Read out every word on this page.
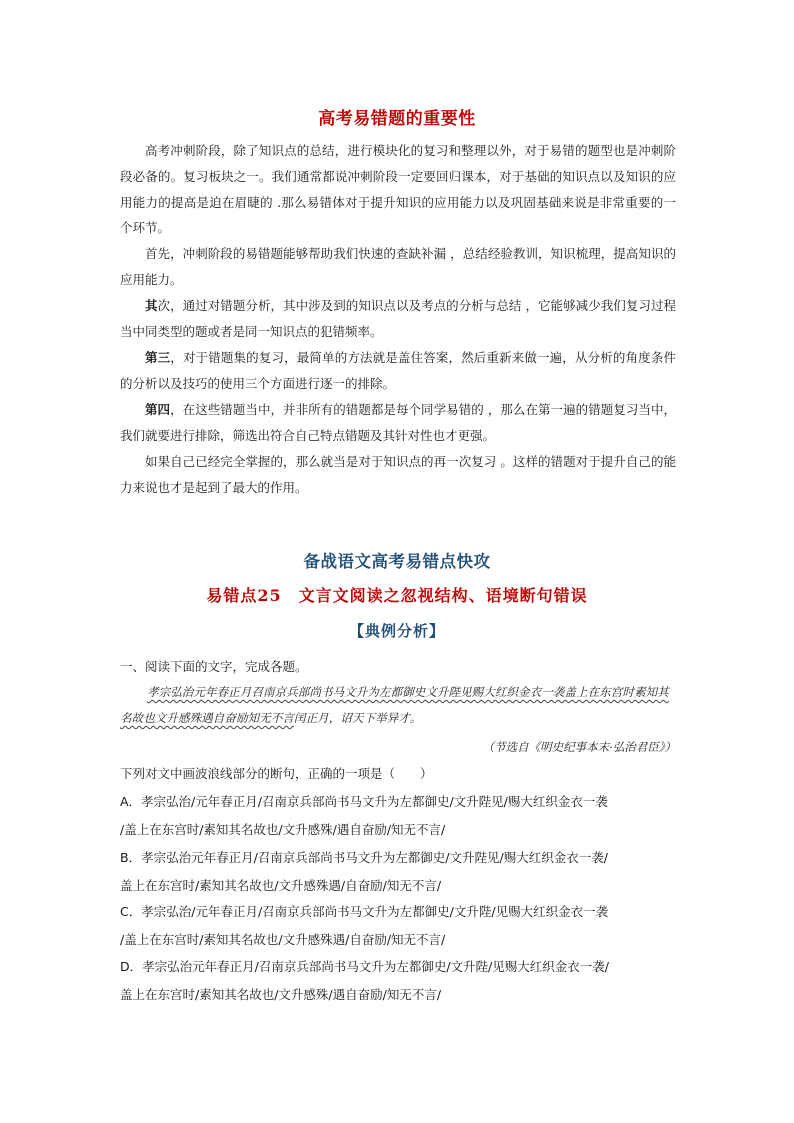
高考易错题的重要性

高考冲刺阶段，除了知识点的总结，进行模块化的复习和整理以外，对于易错的题型也是冲刺阶段必备的。复习板块之一。我们通常都说冲刺阶段一定要回归课本，对于基础的知识点以及知识的应用能力的提高是迫在眉睫的 .那么易错体对于提升知识的应用能力以及巩固基础来说是非常重要的一个环节。

首先，冲刺阶段的易错题能够帮助我们快速的查缺补漏 ，总结经验教训，知识梳理，提高知识的应用能力。

其次，通过对错题分析，其中涉及到的知识点以及考点的分析与总结 ，它能够减少我们复习过程当中同类型的题或者是同一知识点的犯错频率。

第三，对于错题集的复习，最简单的方法就是盖住答案，然后重新来做一遍，从分析的角度条件的分析以及技巧的使用三个方面进行逐一的排除。

第四，在这些错题当中，并非所有的错题都是每个同学易错的 ，那么在第一遍的错题复习当中，我们就要进行排除，筛选出符合自己特点错题及其针对性也才更强。

如果自己已经完全掌握的，那么就当是对于知识点的再一次复习 。这样的错题对于提升自己的能力来说也才是起到了最大的作用。

备战语文高考易错点快攻
易错点25　文言文阅读之忽视结构、语境断句错误
【典例分析】
一、阅读下面的文字，完成各题。
孝宗弘治元年春正月召南京兵部尚书马文升为左都御史文升陛见赐大红织金衣一袭盖上在东宫时素知其名故也文升感殊遇自奋励知无不言闰正月，诏天下举异才。
（节选自《明史纪事本末·弘治君臣》）
下列对文中画波浪线部分的断句，正确的一项是（　　）
A．孝宗弘治/元年春正月/召南京兵部尚书马文升为左都御史/文升陛见/赐大红织金衣一袭
/盖上在东宫时/素知其名故也/文升感殊/遇自奋励/知无不言/
B．孝宗弘治元年春正月/召南京兵部尚书马文升为左都御史/文升陛见/赐大红织金衣一袭/
盖上在东宫时/素知其名故也/文升感殊遇/自奋励/知无不言/
C．孝宗弘治/元年春正月/召南京兵部尚书马文升为左都御史/文升陛/见赐大红织金衣一袭
/盖上在东宫时/素知其名故也/文升感殊遇/自奋励/知无不言/
D．孝宗弘治元年春正月/召南京兵部尚书马文升为左都御史/文升陛/见赐大红织金衣一袭/
盖上在东宫时/素知其名故也/文升感殊/遇自奋励/知无不言/
